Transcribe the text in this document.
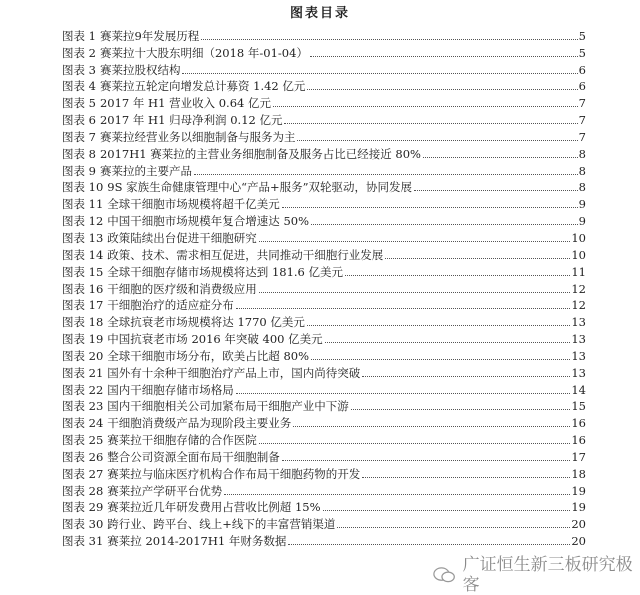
图表目录
图表 1 赛莱拉9年发展历程	5
图表 2 赛莱拉十大股东明细（2018 年-01-04）	5
图表 3 赛莱拉股权结构	6
图表 4 赛莱拉五轮定向增发总计募资 1.42 亿元	6
图表 5 2017 年 H1 营业收入 0.64 亿元	7
图表 6 2017 年 H1 归母净利润 0.12 亿元	7
图表 7 赛莱拉经营业务以细胞制备与服务为主	7
图表 8 2017H1 赛莱拉的主营业务细胞制备及服务占比已经接近 80%	8
图表 9 赛莱拉的主要产品	8
图表 10 9S 家族生命健康管理中心“产品+服务”双轮驱动，协同发展	8
图表 11 全球干细胞市场规模将超千亿美元	9
图表 12 中国干细胞市场规模年复合增速达 50%	9
图表 13 政策陆续出台促进干细胞研究	10
图表 14 政策、技术、需求相互促进，共同推动干细胞行业发展	10
图表 15 全球干细胞存储市场规模将达到 181.6 亿美元	11
图表 16 干细胞的医疗级和消费级应用	12
图表 17 干细胞治疗的适应症分布	12
图表 18 全球抗衰老市场规模将达 1770 亿美元	13
图表 19 中国抗衰老市场 2016 年突破 400 亿美元	13
图表 20 全球干细胞市场分布，欧美占比超 80%	13
图表 21 国外有十余种干细胞治疗产品上市，国内尚待突破	13
图表 22 国内干细胞存储市场格局	14
图表 23 国内干细胞相关公司加紧布局干细胞产业中下游	15
图表 24 干细胞消费级产品为现阶段主要业务	16
图表 25 赛莱拉干细胞存储的合作医院	16
图表 26 整合公司资源全面布局干细胞制备	17
图表 27 赛莱拉与临床医疗机构合作布局干细胞药物的开发	18
图表 28 赛莱拉产学研平台优势	19
图表 29 赛莱拉近几年研发费用占营收比例超 15%	19
图表 30 跨行业、跨平台、线上+线下的丰富营销渠道	20
图表 31 赛莱拉 2014-2017H1 年财务数据	20
广证恒生新三板研究极客
